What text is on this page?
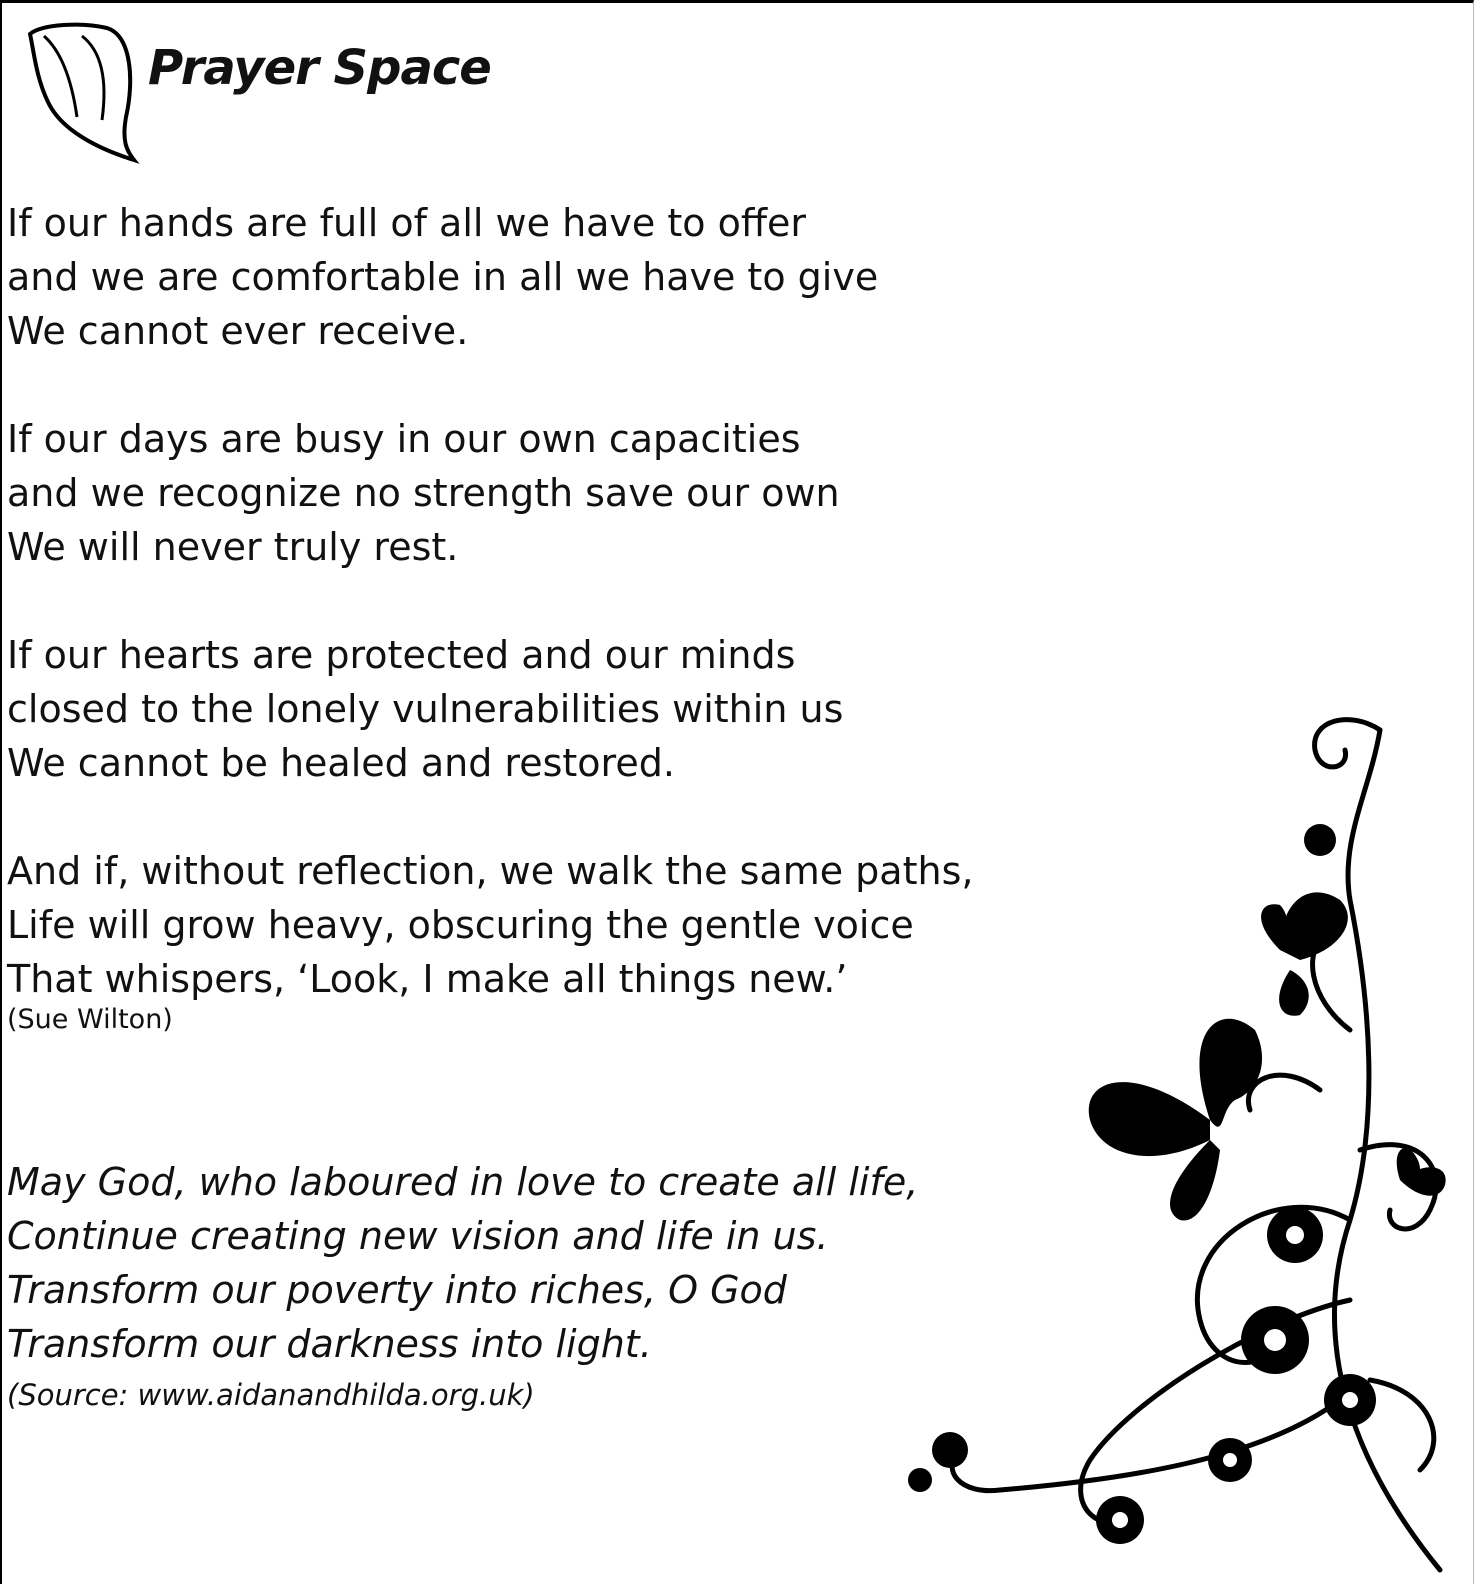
Prayer Space

If our hands are full of all we have to offer

and we are comfortable in all we have to give

We cannot ever receive.

If our days are busy in our own capacities

and we recognize no strength save our own

We will never truly rest.

If our hearts are protected and our minds

closed to the lonely vulnerabilities within us

We cannot be healed and restored.

And if, without reflection, we walk the same paths,

Life will grow heavy, obscuring the gentle voice

That whispers, ‘Look, I make all things new.’

(Sue Wilton)

May God, who laboured in love to create all life,

Continue creating new vision and life in us.

Transform our poverty into riches, O God

Transform our darkness into light.

(Source: www.aidanandhilda.org.uk)
